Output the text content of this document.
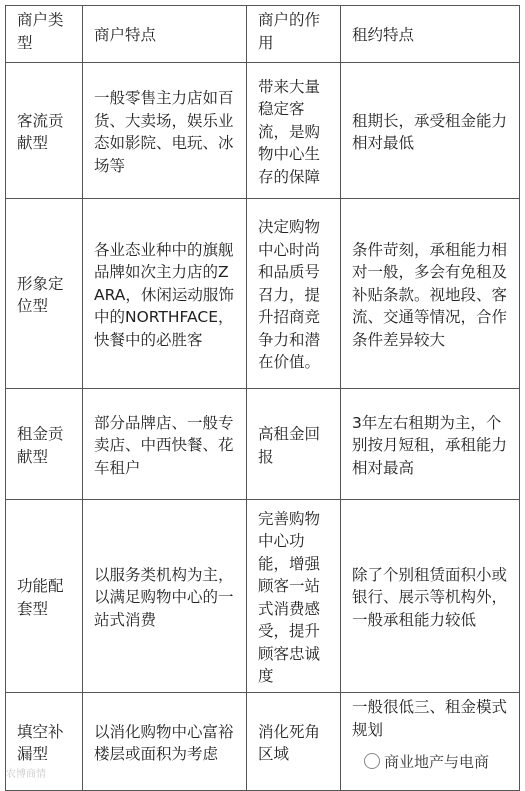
商户类型	商户特点	商户的作用	租约特点
客流贡献型	一般零售主力店如百货、大卖场，娱乐业态如影院、电玩、冰场等	带来大量稳定客流，是购物中心生存的保障	租期长，承受租金能力相对最低
形象定位型	各业态业种中的旗舰品牌如次主力店的ZARA，休闲运动服饰中的NORTHFACE，快餐中的必胜客	决定购物中心时尚和品质号召力，提升招商竞争力和潜在价值。	条件苛刻，承租能力相对一般，多会有免租及补贴条款。视地段、客流、交通等情况，合作条件差异较大
租金贡献型	部分品牌店、一般专卖店、中西快餐、花车租户	高租金回报	3年左右租期为主，个别按月短租，承租能力相对最高
功能配套型	以服务类机构为主，以满足购物中心的一站式消费	完善购物中心功能，增强顾客一站式消费感受，提升顾客忠诚度	除了个别租赁面积小或银行、展示等机构外，一般承租能力较低
填空补漏型	以消化购物中心富裕楼层或面积为考虑	消化死角区域	一般很低三、租金模式规划
农博商情
商业地产与电商
